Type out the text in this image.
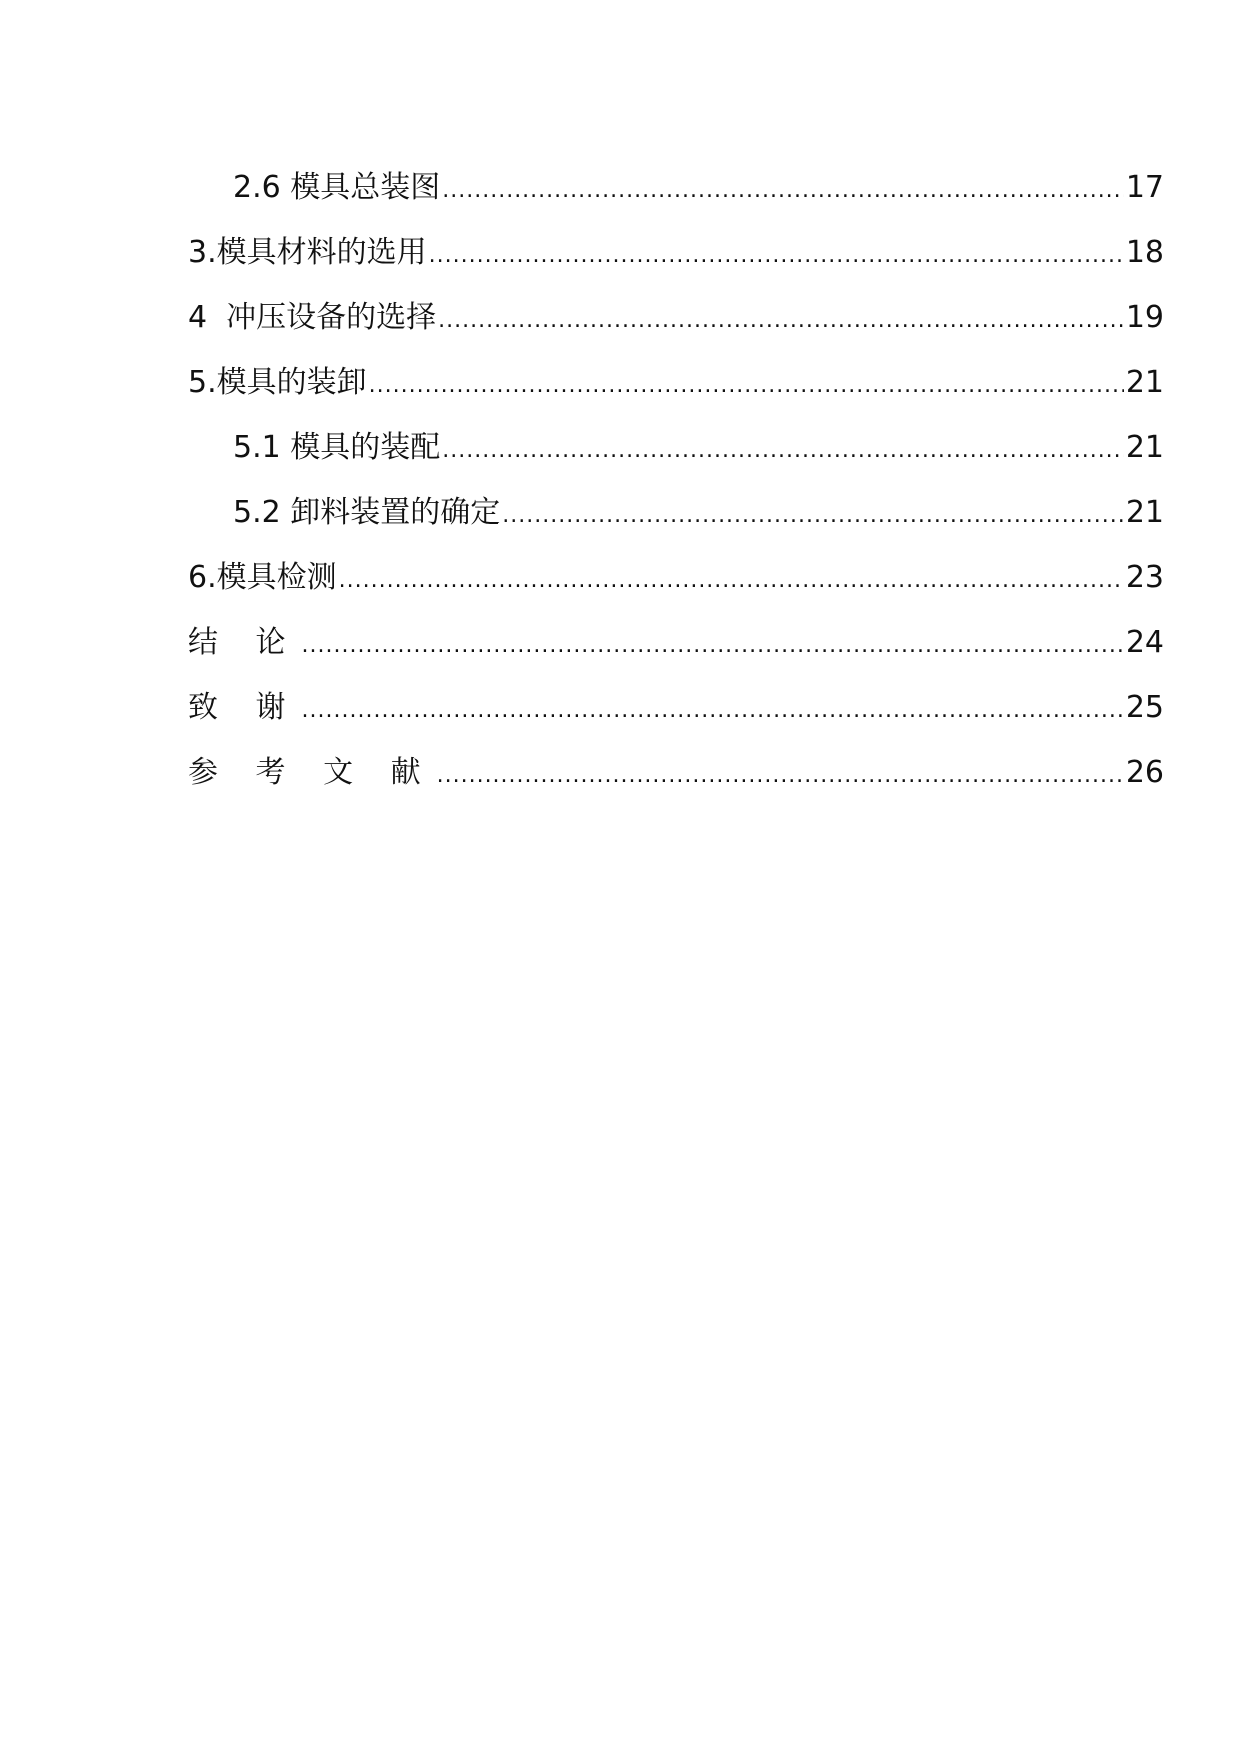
2.6 模具总装图 .....	17
3.模具材料的选用 .....	18
4  冲压设备的选择 .....	19
5.模具的装卸 .....	21
5.1 模具的装配 .....	21
5.2 卸料装置的确定 .....	21
6.模具检测 .....	23
结 论 .....	24
致 谢 .....	25
参 考 文 献 .....	26
